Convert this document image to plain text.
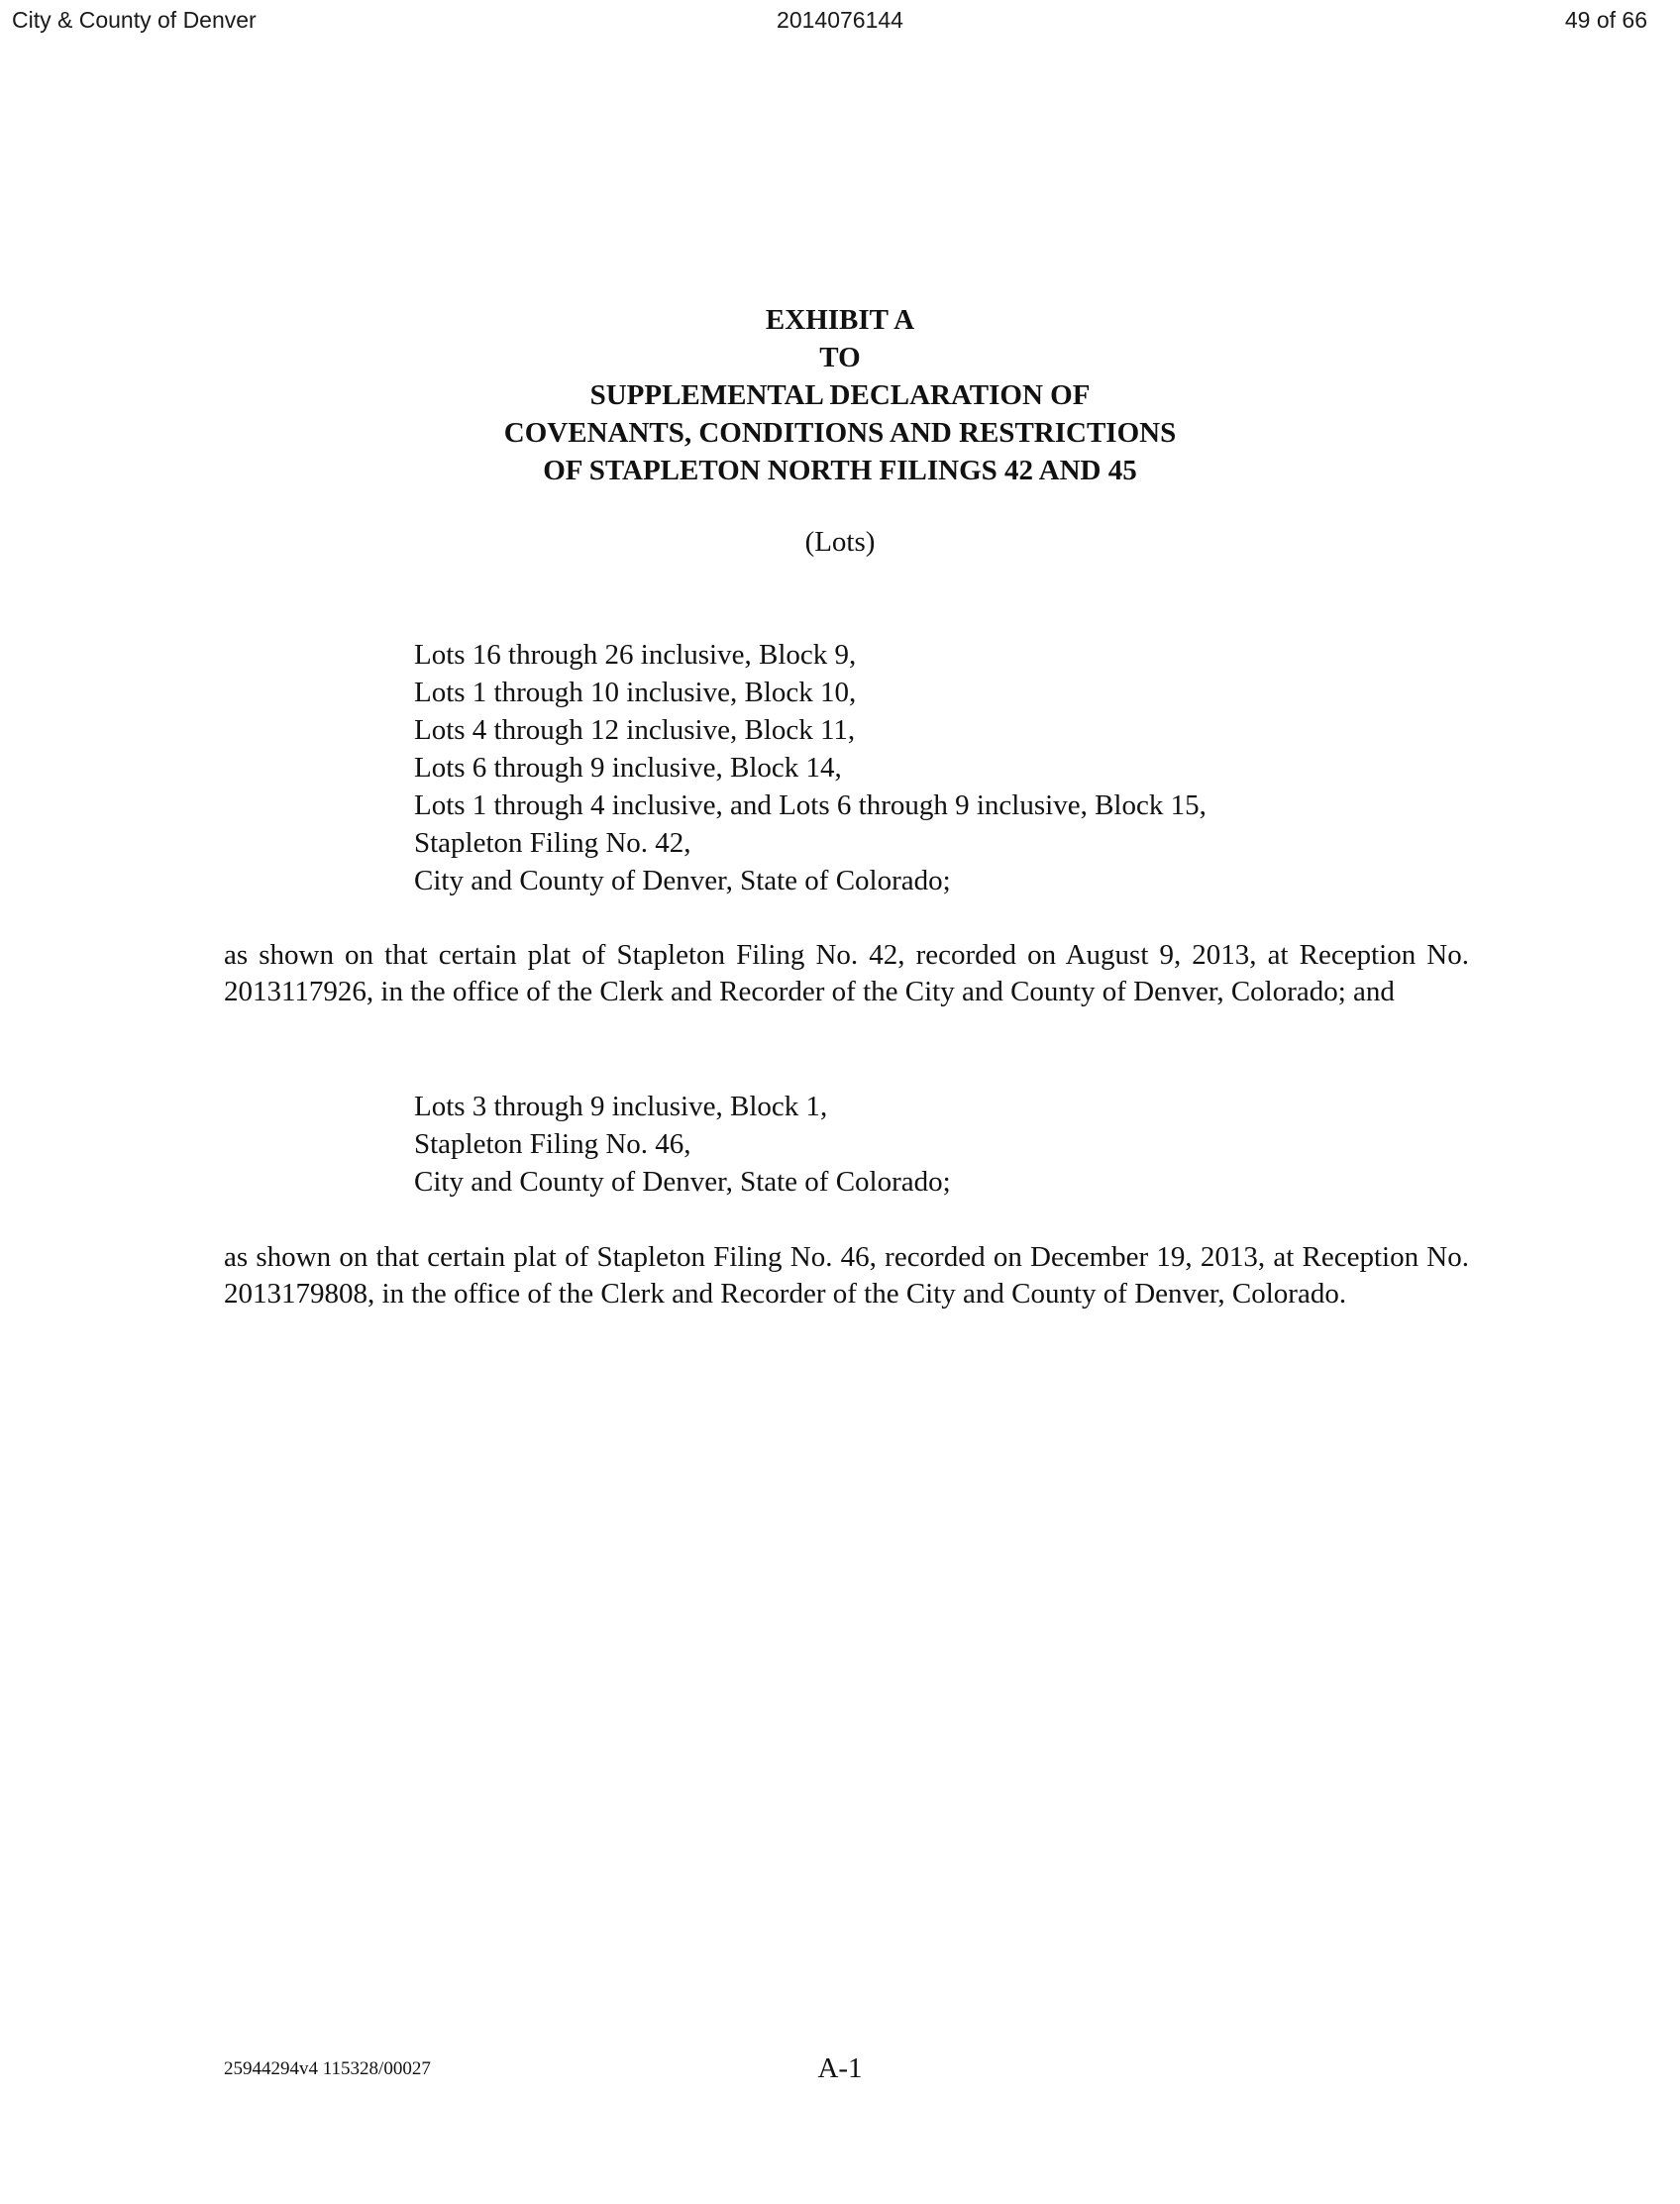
City & County of Denver	2014076144	49 of 66
EXHIBIT A
TO
SUPPLEMENTAL DECLARATION OF
COVENANTS, CONDITIONS AND RESTRICTIONS
OF STAPLETON NORTH FILINGS 42 AND 45
(Lots)
Lots 16 through 26 inclusive, Block 9,
Lots 1 through 10 inclusive, Block 10,
Lots 4 through 12 inclusive, Block 11,
Lots 6 through 9 inclusive, Block 14,
Lots 1 through 4 inclusive, and Lots 6 through 9 inclusive, Block 15,
Stapleton Filing No. 42,
City and County of Denver, State of Colorado;
as shown on that certain plat of Stapleton Filing No. 42, recorded on August 9, 2013, at Reception No. 2013117926, in the office of the Clerk and Recorder of the City and County of Denver, Colorado; and
Lots 3 through 9 inclusive, Block 1,
Stapleton Filing No. 46,
City and County of Denver, State of Colorado;
as shown on that certain plat of Stapleton Filing No. 46, recorded on December 19, 2013, at Reception No. 2013179808, in the office of the Clerk and Recorder of the City and County of Denver, Colorado.
25944294v4 115328/00027	A-1
